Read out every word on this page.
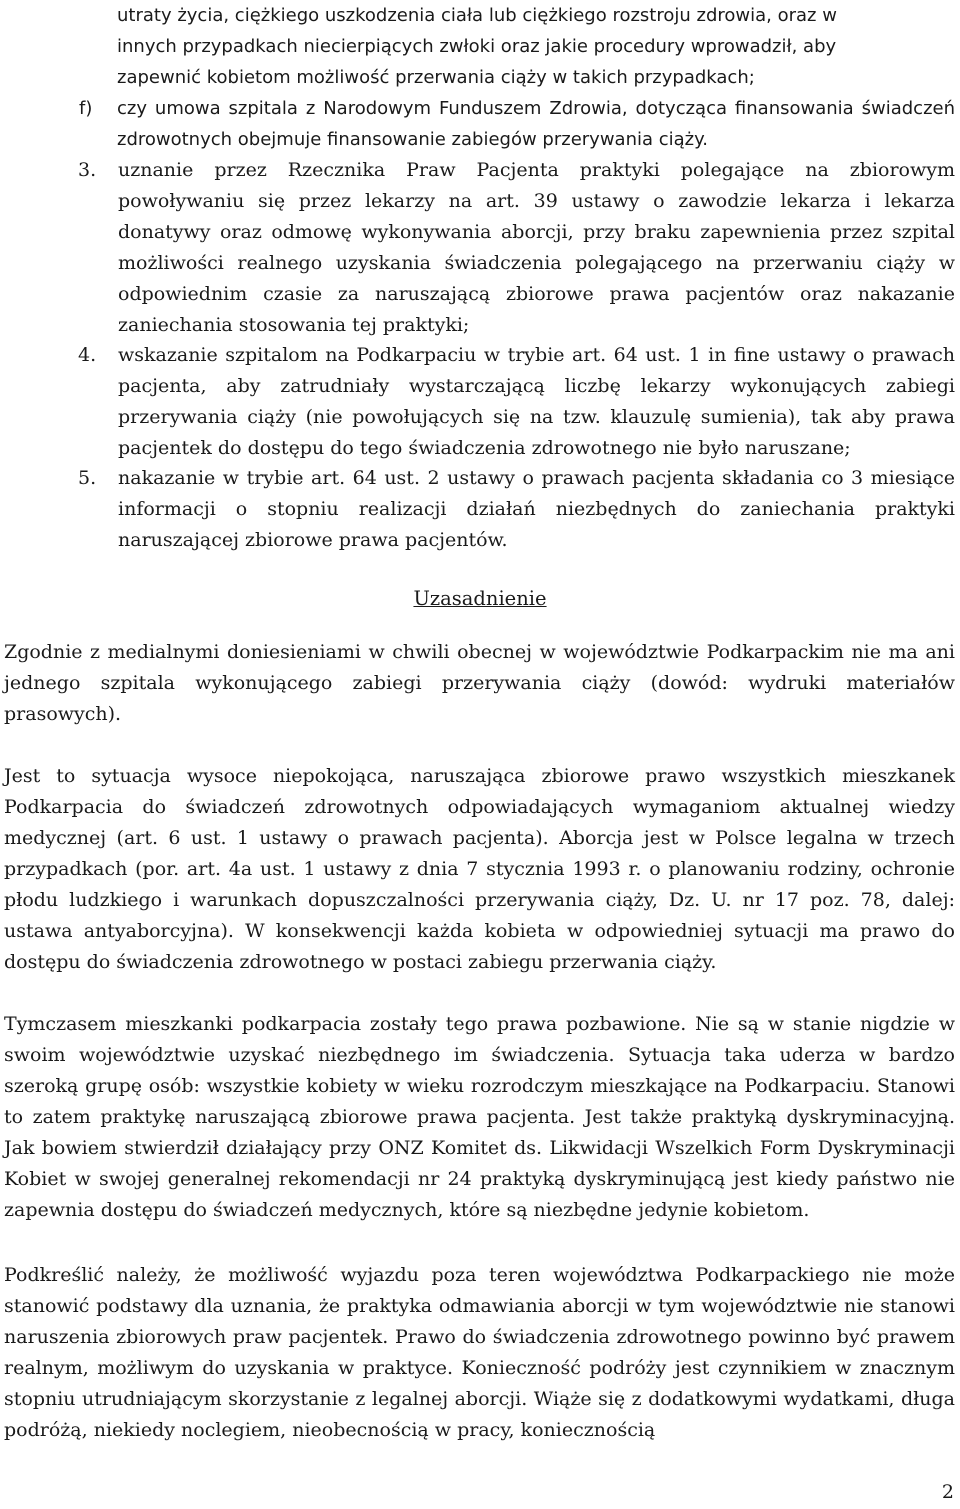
utraty życia, ciężkiego uszkodzenia ciała lub ciężkiego rozstroju zdrowia, oraz w
innych przypadkach niecierpiących zwłoki oraz jakie procedury wprowadził, aby
zapewnić kobietom możliwość przerwania ciąży w takich przypadkach;
f) czy umowa szpitala z Narodowym Funduszem Zdrowia, dotycząca finansowania świadczeń zdrowotnych obejmuje finansowanie zabiegów przerywania ciąży.
3.	uznanie przez Rzecznika Praw Pacjenta praktyki polegające na zbiorowym powoływaniu się przez lekarzy na art. 39 ustawy o zawodzie lekarza i lekarza donatywy oraz odmowę wykonywania aborcji, przy braku zapewnienia przez szpital możliwości realnego uzyskania świadczenia polegającego na przerwaniu ciąży w odpowiednim czasie za naruszającą zbiorowe prawa pacjentów oraz nakazanie zaniechania stosowania tej praktyki;
4.	wskazanie szpitalom na Podkarpaciu w trybie art. 64 ust. 1 in fine ustawy o prawach pacjenta, aby zatrudniały wystarczającą liczbę lekarzy wykonujących zabiegi przerywania ciąży (nie powołujących się na tzw. klauzulę sumienia), tak aby prawa pacjentek do dostępu do tego świadczenia zdrowotnego nie było naruszane;
5.	nakazanie w trybie art. 64 ust. 2 ustawy o prawach pacjenta składania co 3 miesiące informacji o stopniu realizacji działań niezbędnych do zaniechania praktyki naruszającej zbiorowe prawa pacjentów.
Uzasadnienie
Zgodnie z medialnymi doniesieniami w chwili obecnej w województwie Podkarpackim nie ma ani jednego szpitala wykonującego zabiegi przerywania ciąży (dowód: wydruki materiałów prasowych).
Jest to sytuacja wysoce niepokojąca, naruszająca zbiorowe prawo wszystkich mieszkanek Podkarpacia do świadczeń zdrowotnych odpowiadających wymaganiom aktualnej wiedzy medycznej (art. 6 ust. 1 ustawy o prawach pacjenta). Aborcja jest w Polsce legalna w trzech przypadkach (por. art. 4a ust. 1 ustawy z dnia 7 stycznia 1993 r. o planowaniu rodziny, ochronie płodu ludzkiego i warunkach dopuszczalności przerywania ciąży, Dz. U. nr 17 poz. 78, dalej: ustawa antyaborcyjna). W konsekwencji każda kobieta w odpowiedniej sytuacji ma prawo do dostępu do świadczenia zdrowotnego w postaci zabiegu przerwania ciąży.
Tymczasem mieszkanki podkarpacia zostały tego prawa pozbawione. Nie są w stanie nigdzie w swoim województwie uzyskać niezbędnego im świadczenia. Sytuacja taka uderza w bardzo szeroką grupę osób: wszystkie kobiety w wieku rozrodczym mieszkające na Podkarpaciu. Stanowi to zatem praktykę naruszającą zbiorowe prawa pacjenta. Jest także praktyką dyskryminacyjną. Jak bowiem stwierdził działający przy ONZ Komitet ds. Likwidacji Wszelkich Form Dyskryminacji Kobiet w swojej generalnej rekomendacji nr 24 praktyką dyskryminującą jest kiedy państwo nie zapewnia dostępu do świadczeń medycznych, które są niezbędne jedynie kobietom.
Podkreślić należy, że możliwość wyjazdu poza teren województwa Podkarpackiego nie może stanowić podstawy dla uznania, że praktyka odmawiania aborcji w tym województwie nie stanowi naruszenia zbiorowych praw pacjentek. Prawo do świadczenia zdrowotnego powinno być prawem realnym, możliwym do uzyskania w praktyce. Konieczność podróży jest czynnikiem w znacznym stopniu utrudniającym skorzystanie z legalnej aborcji. Wiąże się z dodatkowymi wydatkami, długa podróżą, niekiedy noclegiem, nieobecnością w pracy, koniecznością
2
